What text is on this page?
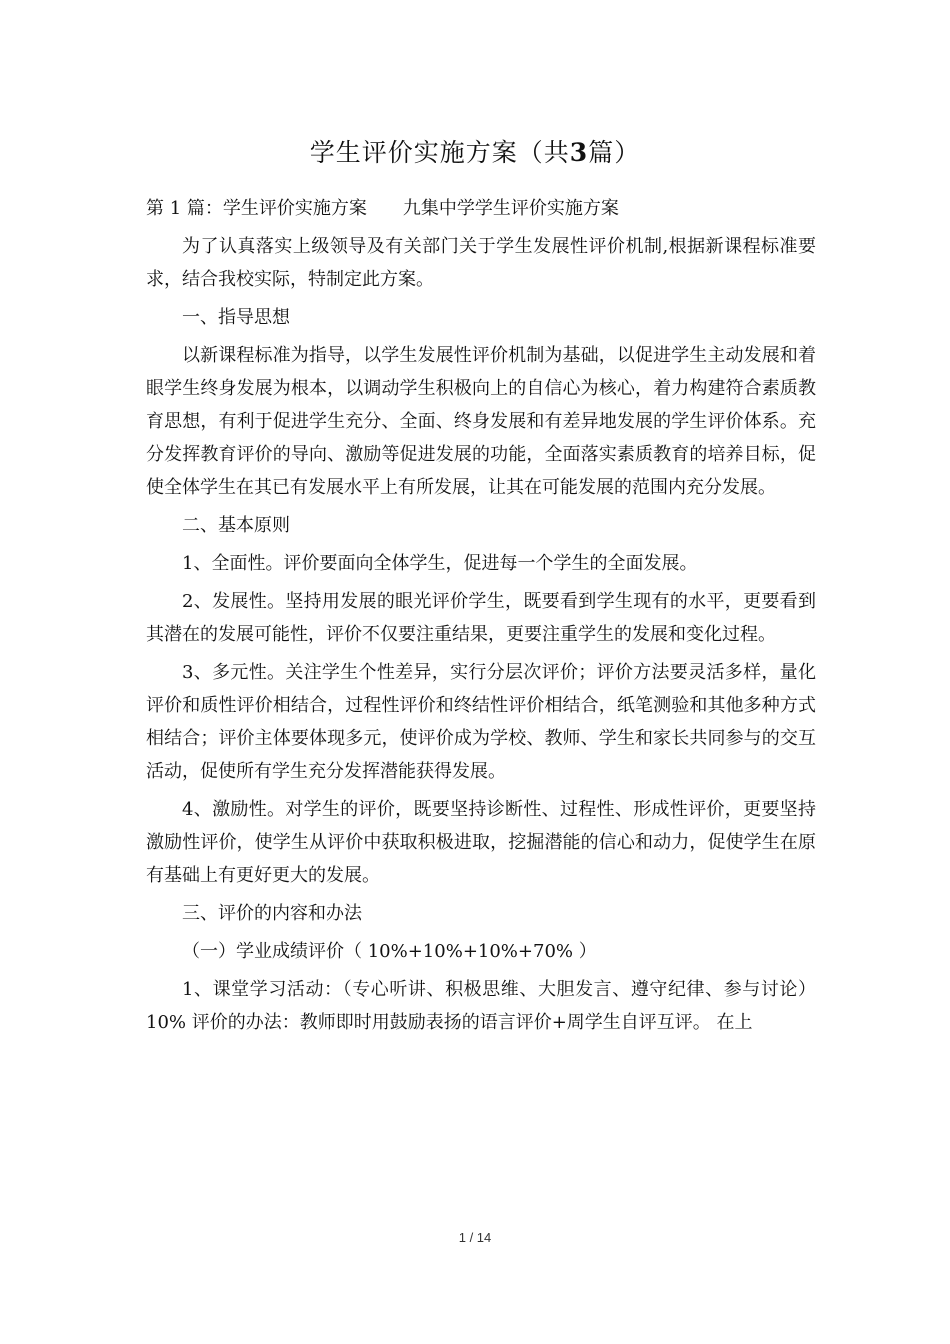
学生评价实施方案（共3篇）

第 1 篇：学生评价实施方案 九集中学学生评价实施方案

为了认真落实上级领导及有关部门关于学生发展性评价机制,根据新课程标准要求，结合我校实际，特制定此方案。

一、指导思想

以新课程标准为指导，以学生发展性评价机制为基础，以促进学生主动发展和着眼学生终身发展为根本，以调动学生积极向上的自信心为核心，着力构建符合素质教育思想，有利于促进学生充分、全面、终身发展和有差异地发展的学生评价体系。充分发挥教育评价的导向、激励等促进发展的功能，全面落实素质教育的培养目标，促使全体学生在其已有发展水平上有所发展，让其在可能发展的范围内充分发展。

二、基本原则

1、全面性。评价要面向全体学生，促进每一个学生的全面发展。

2、发展性。坚持用发展的眼光评价学生，既要看到学生现有的水平，更要看到其潜在的发展可能性，评价不仅要注重结果，更要注重学生的发展和变化过程。

3、多元性。关注学生个性差异，实行分层次评价；评价方法要灵活多样，量化评价和质性评价相结合，过程性评价和终结性评价相结合，纸笔测验和其他多种方式相结合；评价主体要体现多元，使评价成为学校、教师、学生和家长共同参与的交互活动，促使所有学生充分发挥潜能获得发展。

4、激励性。对学生的评价，既要坚持诊断性、过程性、形成性评价，更要坚持激励性评价，使学生从评价中获取积极进取，挖掘潜能的信心和动力，促使学生在原有基础上有更好更大的发展。

三、评价的内容和办法

（一）学业成绩评价（ 10%+10%+10%+70% ）

1、课堂学习活动：（专心听讲、积极思维、大胆发言、遵守纪律、参与讨论）10% 评价的办法：教师即时用鼓励表扬的语言评价+周学生自评互评。 在上

1 / 14
